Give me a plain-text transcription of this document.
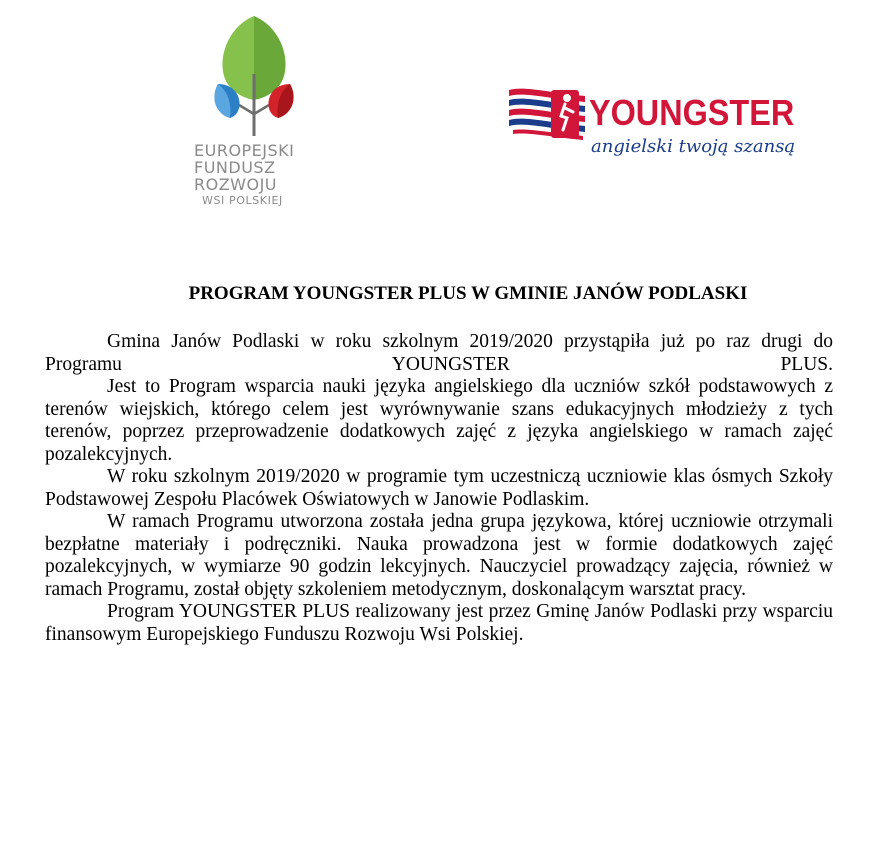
EUROPEJSKI
FUNDUSZ
ROZWOJU
WSI POLSKIEJ
YOUNGSTER
angielski twoją szansą
PROGRAM YOUNGSTER PLUS W GMINIE JANÓW PODLASKI

Gmina Janów Podlaski w roku szkolnym 2019/2020 przystąpiła już po raz drugi do Programu YOUNGSTER PLUS.

Jest to Program wsparcia nauki języka angielskiego dla uczniów szkół podstawowych z terenów wiejskich, którego celem jest wyrównywanie szans edukacyjnych młodzieży z tych terenów, poprzez przeprowadzenie dodatkowych zajęć z języka angielskiego w ramach zajęć pozalekcyjnych.

W roku szkolnym 2019/2020 w programie tym uczestniczą uczniowie klas ósmych Szkoły Podstawowej Zespołu Placówek Oświatowych w Janowie Podlaskim.

W ramach Programu utworzona została jedna grupa językowa, której uczniowie otrzymali bezpłatne materiały i podręczniki. Nauka prowadzona jest w formie dodatkowych zajęć pozalekcyjnych, w wymiarze 90 godzin lekcyjnych. Nauczyciel prowadzący zajęcia, również w ramach Programu, został objęty szkoleniem metodycznym, doskonalącym warsztat pracy.

Program YOUNGSTER PLUS realizowany jest przez Gminę Janów Podlaski przy wsparciu finansowym Europejskiego Funduszu Rozwoju Wsi Polskiej.
